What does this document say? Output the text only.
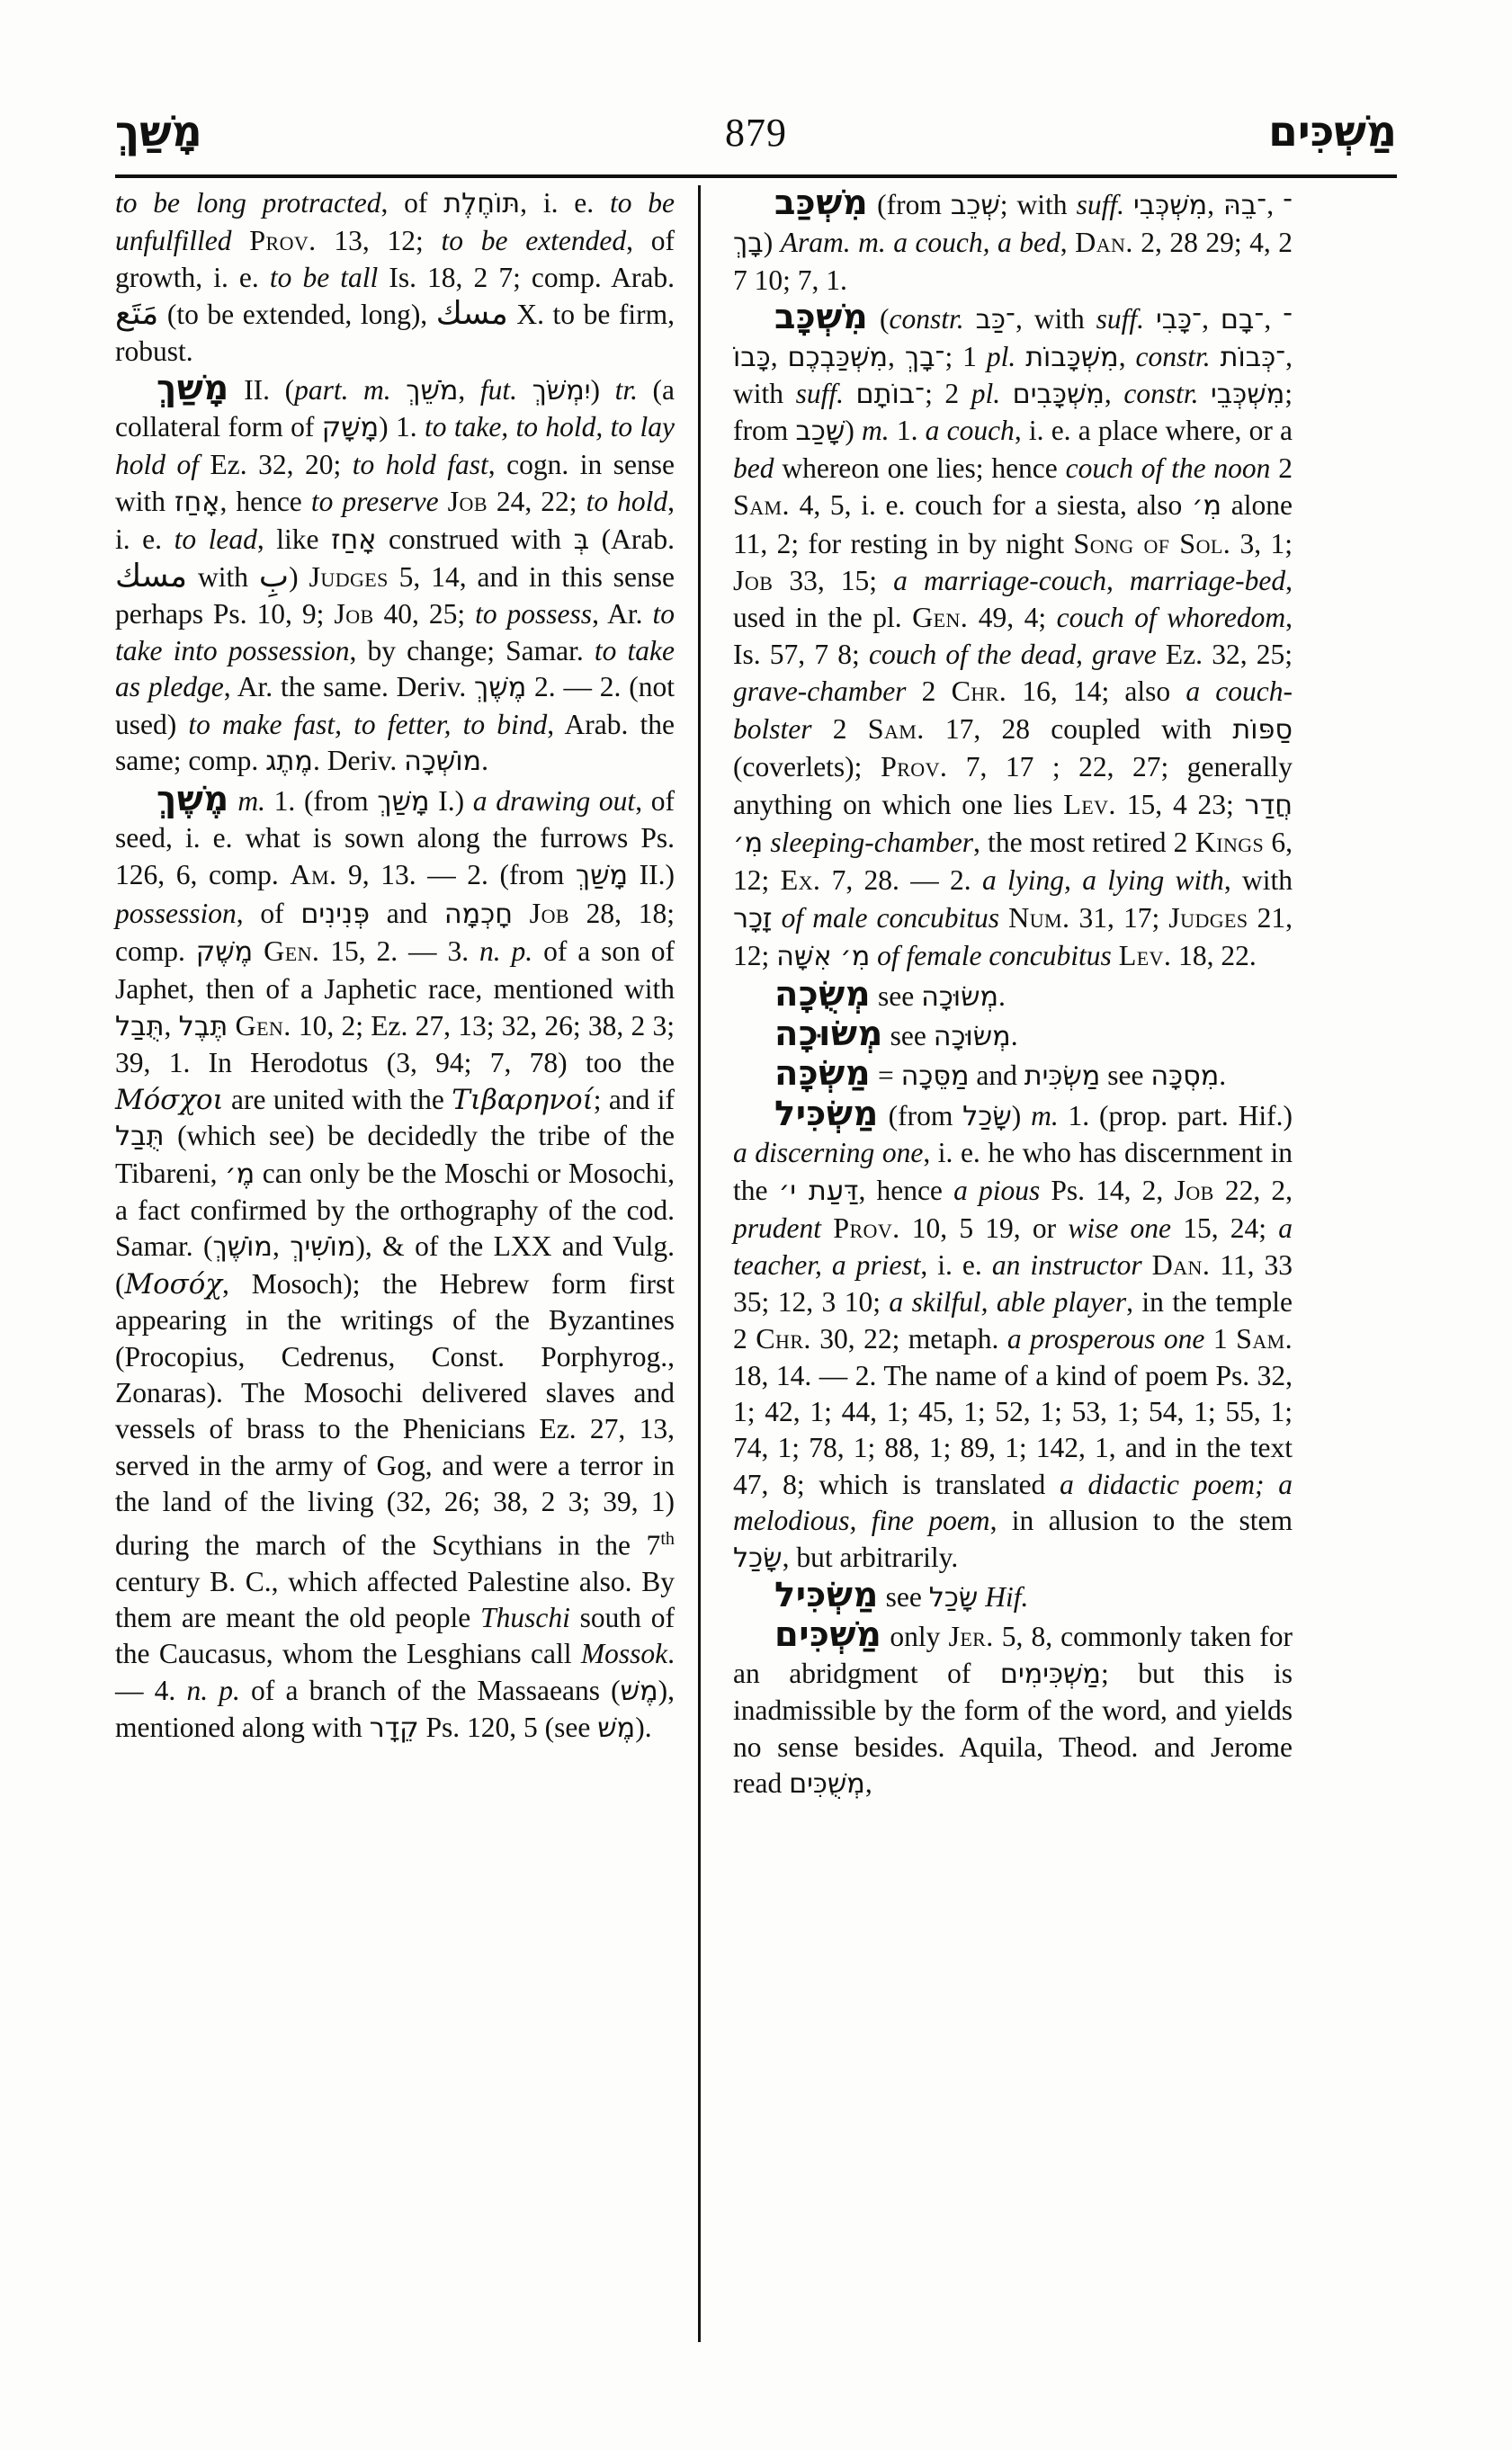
מָשַׁךְ	879	מַשְׁכִּים
to be long protracted, of תּוֹחֶלֶת, i. e. to be unfulfilled Prov. 13, 12; to be extended, of growth, i. e. to be tall Is. 18, 2 7; comp. Arab. مَتَع (to be extended, long), مسك X. to be firm, robust.
מָשַׁךְ II. (part. m. מֹשֵׁךְ, fut. יִמְשֹׁךְ) tr. (a collateral form of מָשָׁק) 1. to take, to hold, to lay hold of Ez. 32, 20; to hold fast, cogn. in sense with אָחַז, hence to preserve Job 24, 22; to hold, i. e. to lead, like אָחַז construed with בְּ (Arab. مسك with بِ) Judges 5, 14, and in this sense perhaps Ps. 10, 9; Job 40, 25; to possess, Ar. to take into possession, by change; Samar. to take as pledge, Ar. the same. Deriv. מֶשֶׁךְ 2. — 2. (not used) to make fast, to fetter, to bind, Arab. the same; comp. מֶתֶג. Deriv. מוֹשְׁכָה.
מֶשֶׁךְ m. 1. (from מָשַׁךְ I.) a drawing out, of seed, i. e. what is sown along the furrows Ps. 126, 6, comp. Am. 9, 13. — 2. (from מָשַׁךְ II.) possession, of פְּנִינִים and חָכְמָה Job 28, 18; comp. מֶשֶׁק Gen. 15, 2. — 3. n. p. of a son of Japhet, then of a Japhetic race, mentioned with תֻּבַל, תֶּבֶל Gen. 10, 2; Ez. 27, 13; 32, 26; 38, 2 3; 39, 1. In Herodotus (3, 94; 7, 78) too the Μόσχοι are united with the Τιβαρηνοί; and if תֻּבַל (which see) be decidedly the tribe of the Tibareni, מֶ׳ can only be the Moschi or Mosochi, a fact confirmed by the orthography of the cod. Samar. (מוֹשֶׁךְ, מוֹשִׁיךְ), & of the LXX and Vulg. (Μοσόχ, Mosoch); the Hebrew form first appearing in the writings of the Byzantines (Procopius, Cedrenus, Const. Porphyrog., Zonaras). The Mosochi delivered slaves and vessels of brass to the Phenicians Ez. 27, 13, served in the army of Gog, and were a terror in the land of the living (32, 26; 38, 2 3; 39, 1) during the march of the Scythians in the 7th century B. C., which affected Palestine also. By them are meant the old people Thuschi south of the Caucasus, whom the Lesghians call Mossok. — 4. n. p. of a branch of the Massaeans (מֶשׁ), mentioned along with קֵדָר Ps. 120, 5 (see מֶשׁ).
מִשְׁכַּב (from שְׁכֵב; with suff. מִשְׁכְּבִי, ־בֵהּ, ־בָךְ) Aram. m. a couch, a bed, Dan. 2, 28 29; 4, 2 7 10; 7, 1.
מִשְׁכָּב (constr. ־כַּב, with suff. ־כָּבִי, ־בָם, ־כָּבוֹ, מִשְׁכַּבְכֶם, ־בָךְ; 1 pl. מִשְׁכָּבוֹת, constr. ־כְּבוֹת, with suff. ־בוֹתָם; 2 pl. מִשְׁכָּבִים, constr. מִשְׁכְּבֵי; from שָׁכַב) m. 1. a couch, i. e. a place where, or a bed whereon one lies; hence couch of the noon 2 Sam. 4, 5, i. e. couch for a siesta, also מִ׳ alone 11, 2; for resting in by night Song of Sol. 3, 1; Job 33, 15; a marriage-couch, marriage-bed, used in the pl. Gen. 49, 4; couch of whoredom, Is. 57, 7 8; couch of the dead, grave Ez. 32, 25; grave-chamber 2 Chr. 16, 14; also a couch-bolster 2 Sam. 17, 28 coupled with סַפּוֹת (coverlets); Prov. 7, 17 ; 22, 27; generally anything on which one lies Lev. 15, 4 23; חֲדַר מִ׳ sleeping-chamber, the most retired 2 Kings 6, 12; Ex. 7, 28. — 2. a lying, a lying with, with זָכָר of male concubitus Num. 31, 17; Judges 21, 12; מִ׳ אִשָּׁה of female concubitus Lev. 18, 22.
מְשֻׂכָה see מְשׂוּכָה.
מְשׂוּכָה see מְשׂוּכָה.
מַשְׂכָּה = מַסֵּכָה and מַשְׂכִּית see מִסְכָּה.
מַשְׂכִּיל (from שָׂכַל) m. 1. (prop. part. Hif.) a discerning one, i. e. he who has discernment in the דַּעַת י׳, hence a pious Ps. 14, 2, Job 22, 2, prudent Prov. 10, 5 19, or wise one 15, 24; a teacher, a priest, i. e. an instructor Dan. 11, 33 35; 12, 3 10; a skilful, able player, in the temple 2 Chr. 30, 22; metaph. a prosperous one 1 Sam. 18, 14. — 2. The name of a kind of poem Ps. 32, 1; 42, 1; 44, 1; 45, 1; 52, 1; 53, 1; 54, 1; 55, 1; 74, 1; 78, 1; 88, 1; 89, 1; 142, 1, and in the text 47, 8; which is translated a didactic poem; a melodious, fine poem, in allusion to the stem שָׂכַל, but arbitrarily.
מַשְׂכִּיל see שָׂכַל Hif.
מַשְׁכִּים only Jer. 5, 8, commonly taken for an abridgment of מַשְׁכִּימִים; but this is inadmissible by the form of the word, and yields no sense besides. Aquila, Theod. and Jerome read מְשֻׁכִּים,
